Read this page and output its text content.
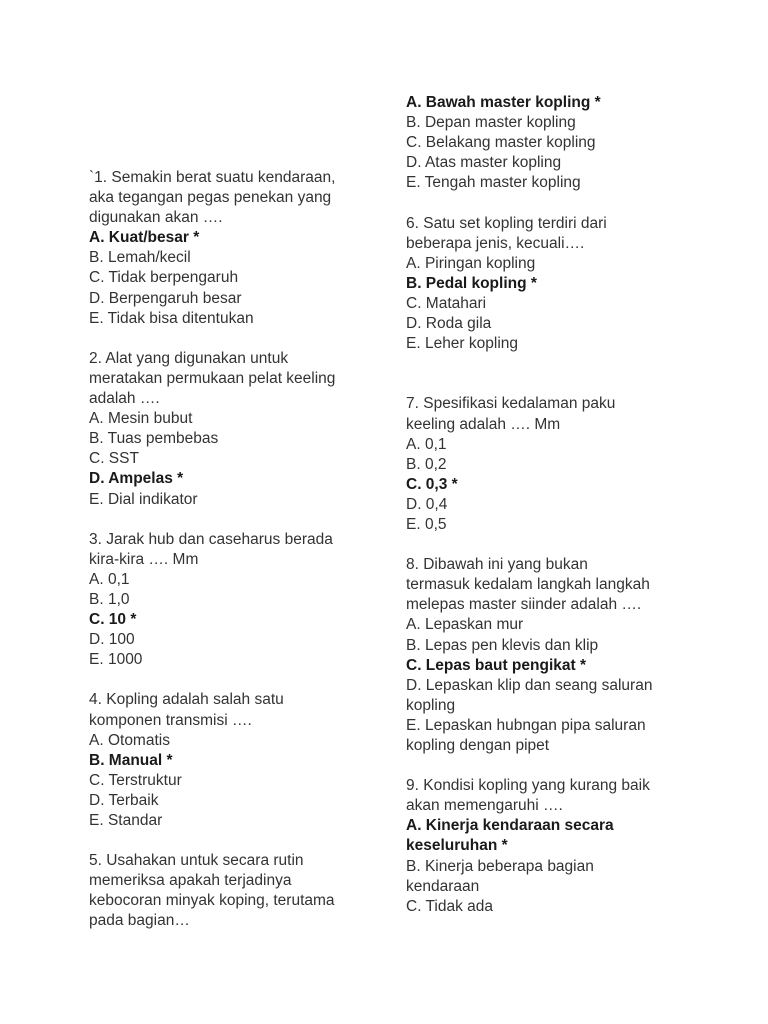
`1. Semakin berat suatu kendaraan,
aka tegangan pegas penekan yang
digunakan akan ….
A. Kuat/besar *
B. Lemah/kecil
C. Tidak berpengaruh
D. Berpengaruh besar
E. Tidak bisa ditentukan
2. Alat yang digunakan untuk
meratakan permukaan pelat keeling
adalah ….
A. Mesin bubut
B. Tuas pembebas
C. SST
D. Ampelas *
E. Dial indikator
3. Jarak hub dan caseharus berada
kira-kira …. Mm
A. 0,1
B. 1,0
C. 10 *
D. 100
E. 1000
4. Kopling adalah salah satu
komponen transmisi ….
A. Otomatis
B. Manual *
C. Terstruktur
D. Terbaik
E. Standar
5. Usahakan untuk secara rutin
memeriksa apakah terjadinya
kebocoran minyak koping, terutama
pada bagian…
A. Bawah master kopling *
B. Depan master kopling
C. Belakang master kopling
D. Atas master kopling
E. Tengah master kopling
6. Satu set kopling terdiri dari
beberapa jenis, kecuali….
A. Piringan kopling
B. Pedal kopling *
C. Matahari
D. Roda gila
E. Leher kopling
7. Spesifikasi kedalaman paku
keeling adalah …. Mm
A. 0,1
B. 0,2
C. 0,3 *
D. 0,4
E. 0,5
8. Dibawah ini yang bukan
termasuk kedalam langkah langkah
melepas master siinder adalah ….
A. Lepaskan mur
B. Lepas pen klevis dan klip
C. Lepas baut pengikat *
D. Lepaskan klip dan seang saluran
kopling
E. Lepaskan hubngan pipa saluran
kopling dengan pipet
9. Kondisi kopling yang kurang baik
akan memengaruhi ….
A. Kinerja kendaraan secara
keseluruhan *
B. Kinerja beberapa bagian
kendaraan
C. Tidak ada
